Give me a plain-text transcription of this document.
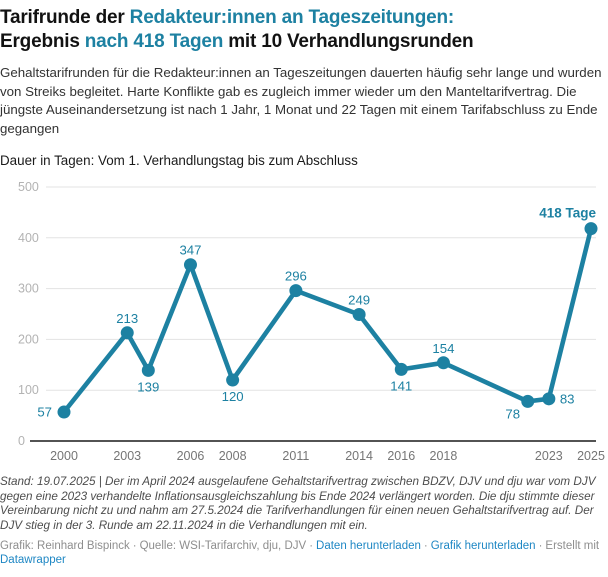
Tarifrunde der Redakteur:innen an Tageszeitungen:
Ergebnis nach 418 Tagen mit 10 Verhandlungsrunden

Gehaltstarifrunden für die Redakteur:innen an Tageszeitungen dauerten häufig sehr lange und wurden von Streiks begleitet. Harte Konflikte gab es zugleich immer wieder um den Manteltarifvertrag. Die jüngste Auseinandersetzung ist nach 1 Jahr, 1 Monat und 22 Tagen mit einem Tarifabschluss zu Ende gegangen

Dauer in Tagen: Vom 1. Verhandlungstag bis zum Abschluss

0
100
200
300
400
500
2000	2003	2006 2008	2011	2014 2016 2018	2023 2025
57
213
139
347
120
296
249
141
154
78
83
418 Tage

Stand: 19.07.2025 | Der im April 2024 ausgelaufene Gehaltstarifvertrag zwischen BDZV, DJV und dju war vom DJV gegen eine 2023 verhandelte Inflationsausgleichszahlung bis Ende 2024 verlängert worden. Die dju stimmte dieser Vereinbarung nicht zu und nahm am 27.5.2024 die Tarifverhandlungen für einen neuen Gehaltstarifvertrag auf. Der DJV stieg in der 3. Runde am 22.11.2024 in die Verhandlungen mit ein.

Grafik: Reinhard Bispinck · Quelle: WSI-Tarifarchiv, dju, DJV · Daten herunterladen · Grafik herunterladen · Erstellt mit Datawrapper
